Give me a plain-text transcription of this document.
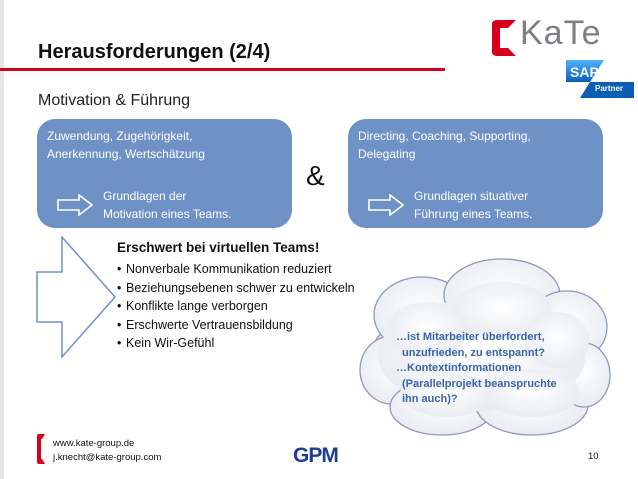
Herausforderungen (2/4)	KaTe
SAP
Partner
Motivation & Führung
Zuwendung, Zugehörigkeit,
Anerkennung, Wertschätzung
Grundlagen der
Motivation eines Teams.
&
Directing, Coaching, Supporting,
Delegating
Grundlagen situativer
Führung eines Teams.
Erschwert bei virtuellen Teams!
• Nonverbale Kommunikation reduziert
• Beziehungsebenen schwer zu entwickeln
• Konflikte lange verborgen
• Erschwerte Vertrauensbildung
• Kein Wir-Gefühl	…ist Mitarbeiter überfordert,
unzufrieden, zu entspannt?
…Kontextinformationen
(Parallelprojekt beanspruchte
ihn auch)?
www.kate-group.de
j.knecht@kate-group.com	GPM	10
